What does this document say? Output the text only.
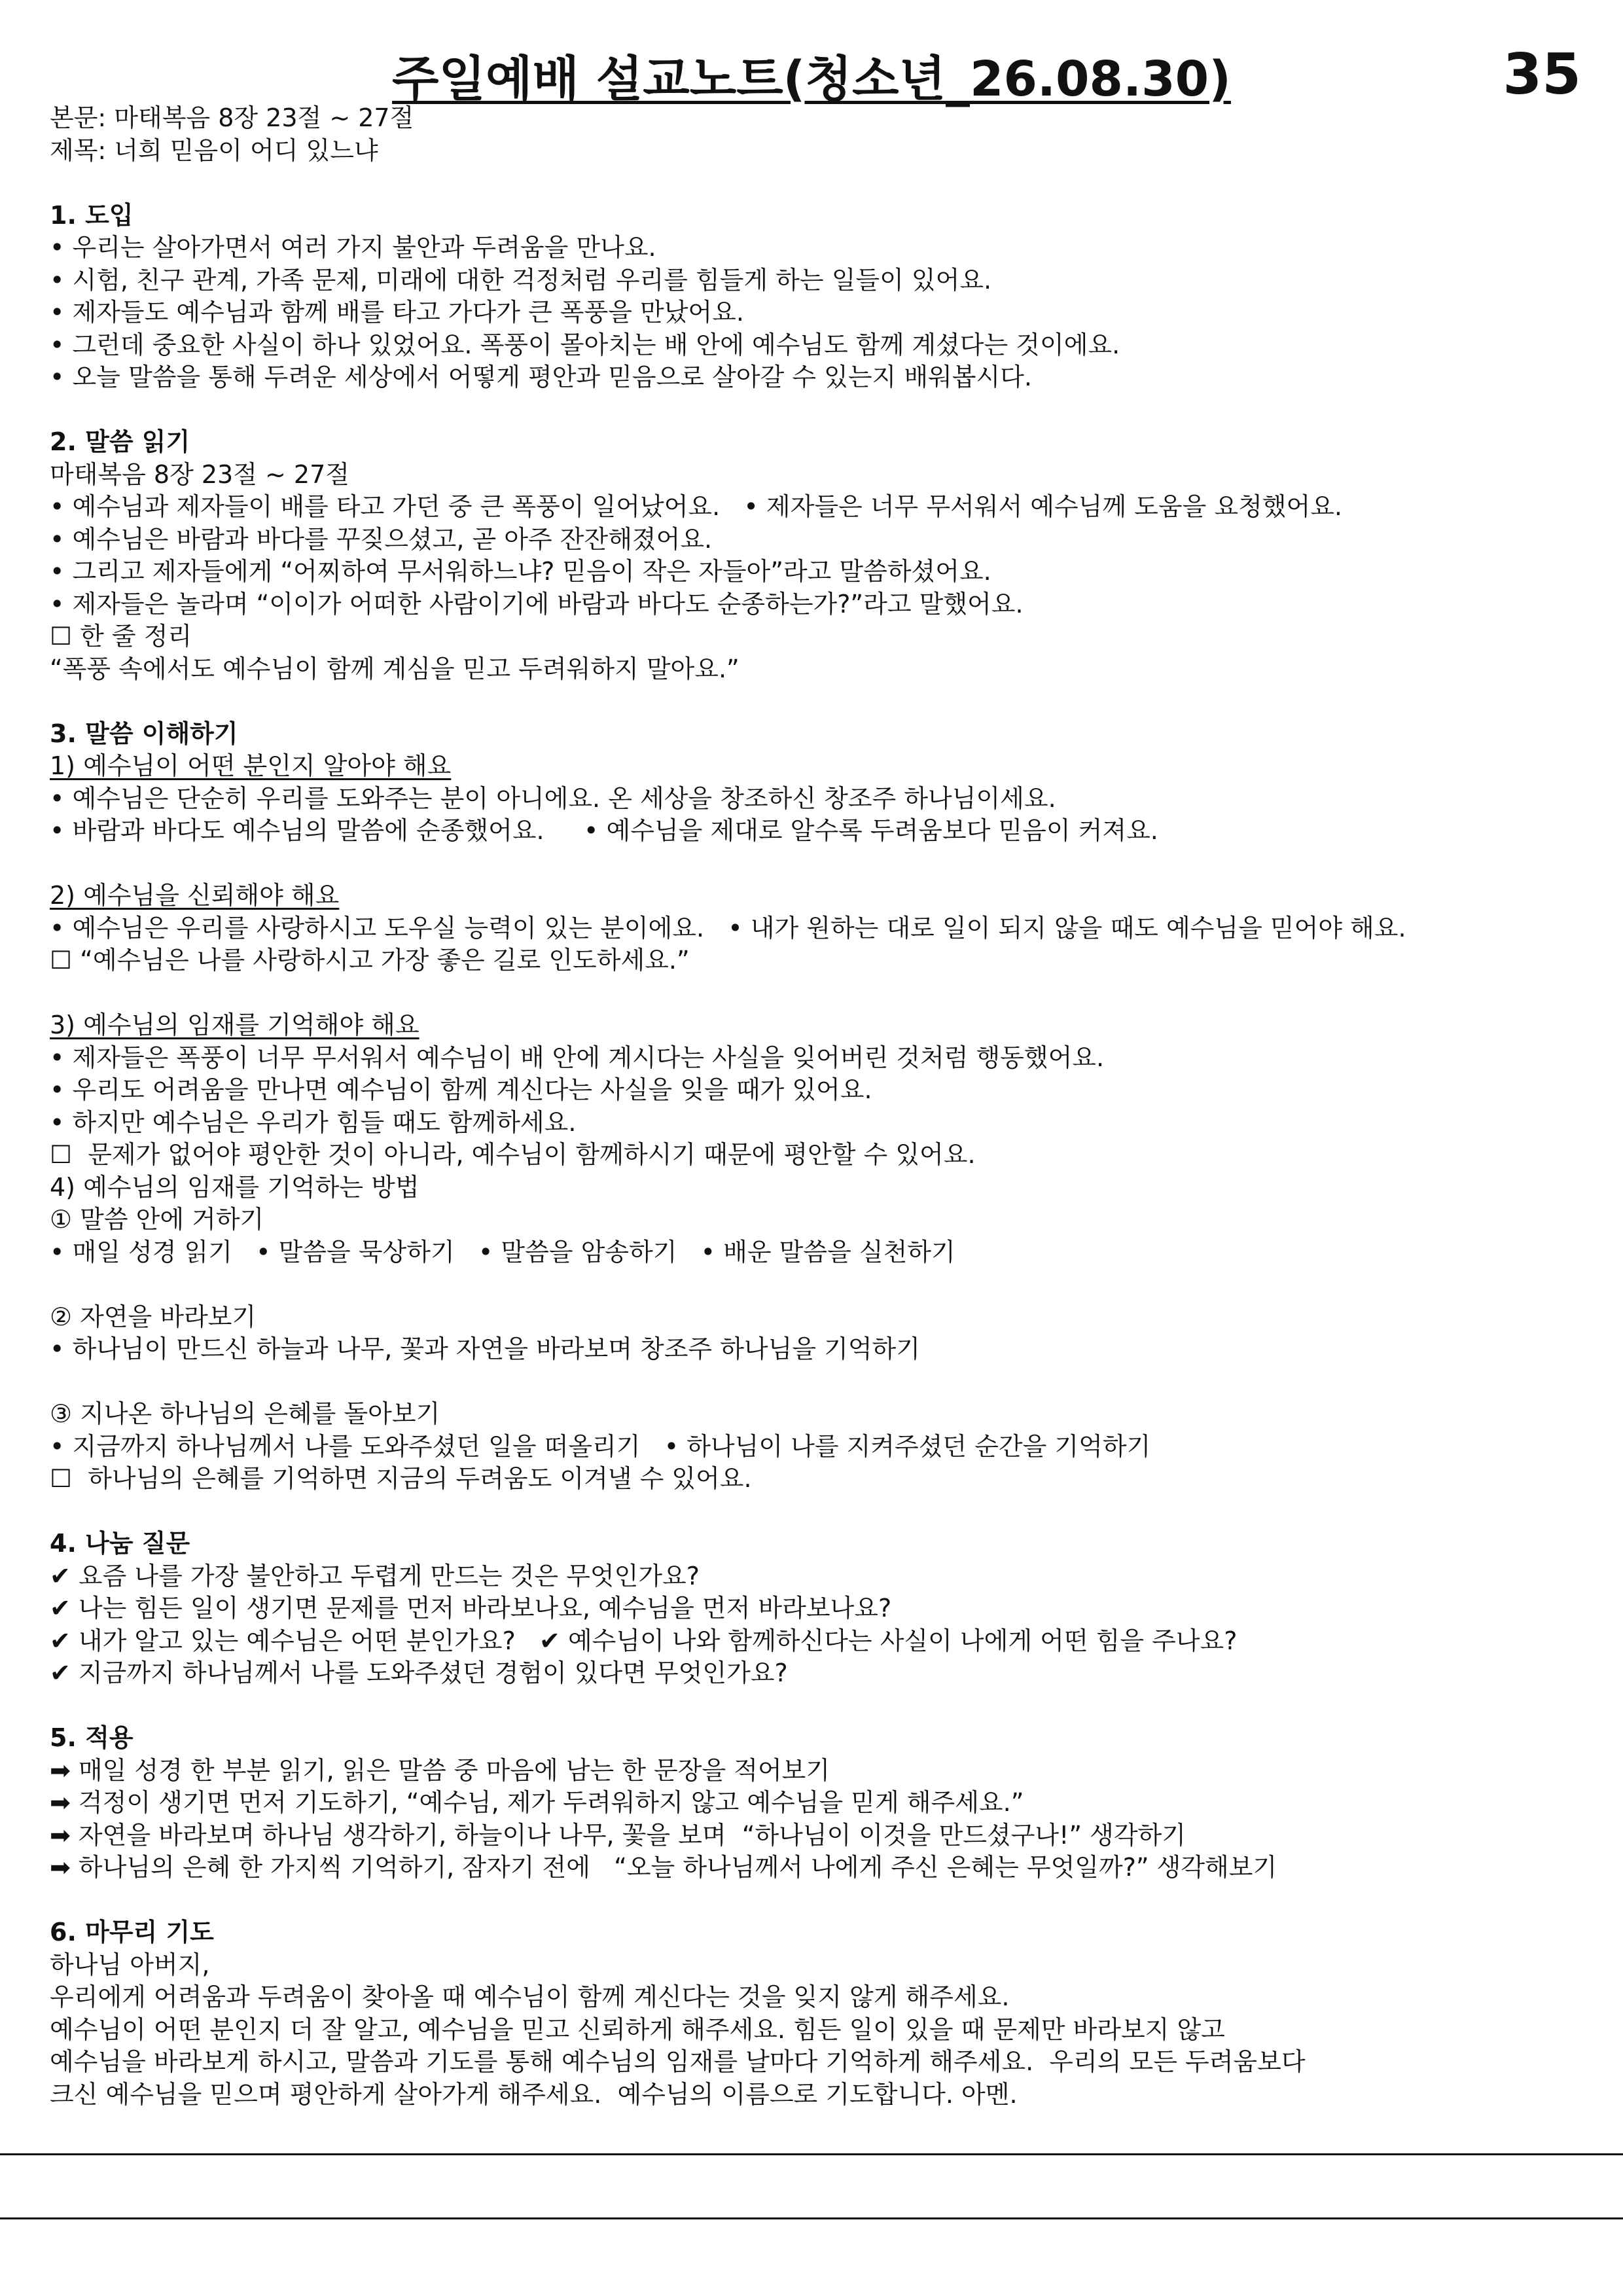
주일예배 설교노트(청소년_26.08.30)	35
본문: 마태복음 8장 23절 ~ 27절
제목: 너희 믿음이 어디 있느냐
1. 도입
• 우리는 살아가면서 여러 가지 불안과 두려움을 만나요.
• 시험, 친구 관계, 가족 문제, 미래에 대한 걱정처럼 우리를 힘들게 하는 일들이 있어요.
• 제자들도 예수님과 함께 배를 타고 가다가 큰 폭풍을 만났어요.
• 그런데 중요한 사실이 하나 있었어요. 폭풍이 몰아치는 배 안에 예수님도 함께 계셨다는 것이에요.
• 오늘 말씀을 통해 두려운 세상에서 어떻게 평안과 믿음으로 살아갈 수 있는지 배워봅시다.
2. 말씀 읽기
마태복음 8장 23절 ~ 27절
• 예수님과 제자들이 배를 타고 가던 중 큰 폭풍이 일어났어요.   • 제자들은 너무 무서워서 예수님께 도움을 요청했어요.
• 예수님은 바람과 바다를 꾸짖으셨고, 곧 아주 잔잔해졌어요.
• 그리고 제자들에게 “어찌하여 무서워하느냐? 믿음이 작은 자들아”라고 말씀하셨어요.
• 제자들은 놀라며 “이이가 어떠한 사람이기에 바람과 바다도 순종하는가?”라고 말했어요.
☐ 한 줄 정리
“폭풍 속에서도 예수님이 함께 계심을 믿고 두려워하지 말아요.”
3. 말씀 이해하기
1) 예수님이 어떤 분인지 알아야 해요
• 예수님은 단순히 우리를 도와주는 분이 아니에요. 온 세상을 창조하신 창조주 하나님이세요.
• 바람과 바다도 예수님의 말씀에 순종했어요.     • 예수님을 제대로 알수록 두려움보다 믿음이 커져요.
2) 예수님을 신뢰해야 해요
• 예수님은 우리를 사랑하시고 도우실 능력이 있는 분이에요.   • 내가 원하는 대로 일이 되지 않을 때도 예수님을 믿어야 해요.
☐ “예수님은 나를 사랑하시고 가장 좋은 길로 인도하세요.”
3) 예수님의 임재를 기억해야 해요
• 제자들은 폭풍이 너무 무서워서 예수님이 배 안에 계시다는 사실을 잊어버린 것처럼 행동했어요.
• 우리도 어려움을 만나면 예수님이 함께 계신다는 사실을 잊을 때가 있어요.
• 하지만 예수님은 우리가 힘들 때도 함께하세요.
☐  문제가 없어야 평안한 것이 아니라, 예수님이 함께하시기 때문에 평안할 수 있어요.
4) 예수님의 임재를 기억하는 방법
① 말씀 안에 거하기
• 매일 성경 읽기   • 말씀을 묵상하기   • 말씀을 암송하기   • 배운 말씀을 실천하기
② 자연을 바라보기
• 하나님이 만드신 하늘과 나무, 꽃과 자연을 바라보며 창조주 하나님을 기억하기
③ 지나온 하나님의 은혜를 돌아보기
• 지금까지 하나님께서 나를 도와주셨던 일을 떠올리기   • 하나님이 나를 지켜주셨던 순간을 기억하기
☐  하나님의 은혜를 기억하면 지금의 두려움도 이겨낼 수 있어요.
4. 나눔 질문
✔ 요즘 나를 가장 불안하고 두렵게 만드는 것은 무엇인가요?
✔ 나는 힘든 일이 생기면 문제를 먼저 바라보나요, 예수님을 먼저 바라보나요?
✔ 내가 알고 있는 예수님은 어떤 분인가요?   ✔ 예수님이 나와 함께하신다는 사실이 나에게 어떤 힘을 주나요?
✔ 지금까지 하나님께서 나를 도와주셨던 경험이 있다면 무엇인가요?
5. 적용
➡ 매일 성경 한 부분 읽기, 읽은 말씀 중 마음에 남는 한 문장을 적어보기
➡ 걱정이 생기면 먼저 기도하기, “예수님, 제가 두려워하지 않고 예수님을 믿게 해주세요.”
➡ 자연을 바라보며 하나님 생각하기, 하늘이나 나무, 꽃을 보며  “하나님이 이것을 만드셨구나!” 생각하기
➡ 하나님의 은혜 한 가지씩 기억하기, 잠자기 전에   “오늘 하나님께서 나에게 주신 은혜는 무엇일까?” 생각해보기
6. 마무리 기도
하나님 아버지,
우리에게 어려움과 두려움이 찾아올 때 예수님이 함께 계신다는 것을 잊지 않게 해주세요.
예수님이 어떤 분인지 더 잘 알고, 예수님을 믿고 신뢰하게 해주세요. 힘든 일이 있을 때 문제만 바라보지 않고
예수님을 바라보게 하시고, 말씀과 기도를 통해 예수님의 임재를 날마다 기억하게 해주세요.  우리의 모든 두려움보다
크신 예수님을 믿으며 평안하게 살아가게 해주세요.  예수님의 이름으로 기도합니다. 아멘.
